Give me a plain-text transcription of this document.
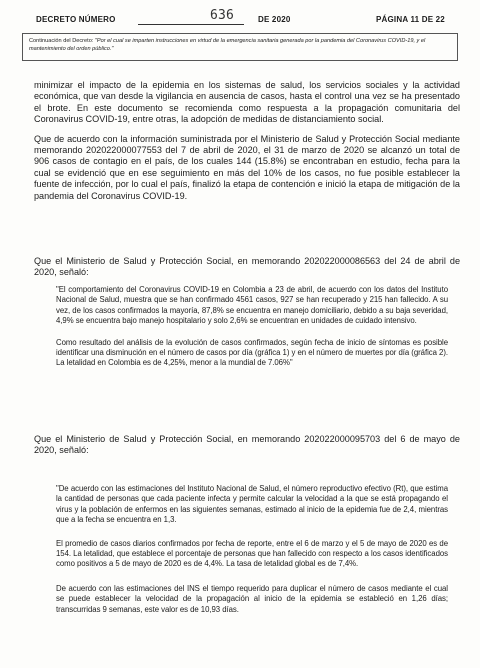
DECRETO NÚMERO	636	DE 2020	PÁGINA 11 DE 22
Continuación del Decreto: "Por el cual se imparten instrucciones en virtud de la emergencia sanitaria generada por la pandemia del Coronavirus COVID-19, y el mantenimiento del orden público."

minimizar el impacto de la epidemia en los sistemas de salud, los servicios sociales y la actividad económica, que van desde la vigilancia en ausencia de casos, hasta el control una vez se ha presentado el brote. En este documento se recomienda como respuesta a la propagación comunitaria del Coronavirus COVID-19, entre otras, la adopción de medidas de distanciamiento social.

Que de acuerdo con la información suministrada por el Ministerio de Salud y Protección Social mediante memorando 202022000077553 del 7 de abril de 2020, el 31 de marzo de 2020 se alcanzó un total de 906 casos de contagio en el país, de los cuales 144 (15.8%) se encontraban en estudio, fecha para la cual se evidenció que en ese seguimiento en más del 10% de los casos, no fue posible establecer la fuente de infección, por lo cual el país, finalizó la etapa de contención e inició la etapa de mitigación de la pandemia del Coronavirus COVID-19.

Que el Ministerio de Salud y Protección Social, en memorando 202022000086563 del 24 de abril de 2020, señaló:

"El comportamiento del Coronavirus COVID-19 en Colombia a 23 de abril, de acuerdo con los datos del Instituto Nacional de Salud, muestra que se han confirmado 4561 casos, 927 se han recuperado y 215 han fallecido. A su vez, de los casos confirmados la mayoría, 87,8% se encuentra en manejo domiciliario, debido a su baja severidad, 4,9% se encuentra bajo manejo hospitalario y solo 2,6% se encuentran en unidades de cuidado intensivo.

Como resultado del análisis de la evolución de casos confirmados, según fecha de inicio de síntomas es posible identificar una disminución en el número de casos por día (gráfica 1) y en el número de muertes por día (gráfica 2). La letalidad en Colombia es de 4,25%, menor a la mundial de 7.06%"

Que el Ministerio de Salud y Protección Social, en memorando 202022000095703 del 6 de mayo de 2020, señaló:

"De acuerdo con las estimaciones del Instituto Nacional de Salud, el número reproductivo efectivo (Rt), que estima la cantidad de personas que cada paciente infecta y permite calcular la velocidad a la que se está propagando el virus y la población de enfermos en las siguientes semanas, estimado al inicio de la epidemia fue de 2,4, mientras que a la fecha se encuentra en 1,3.

El promedio de casos diarios confirmados por fecha de reporte, entre el 6 de marzo y el 5 de mayo de 2020 es de 154. La letalidad, que establece el porcentaje de personas que han fallecido con respecto a los casos identificados como positivos a 5 de mayo de 2020 es de 4,4%. La tasa de letalidad global es de 7,4%.

De acuerdo con las estimaciones del INS el tiempo requerido para duplicar el número de casos mediante el cual se puede establecer la velocidad de la propagación al inicio de la epidemia se estableció en 1,26 días; transcurridas 9 semanas, este valor es de 10,93 días.
